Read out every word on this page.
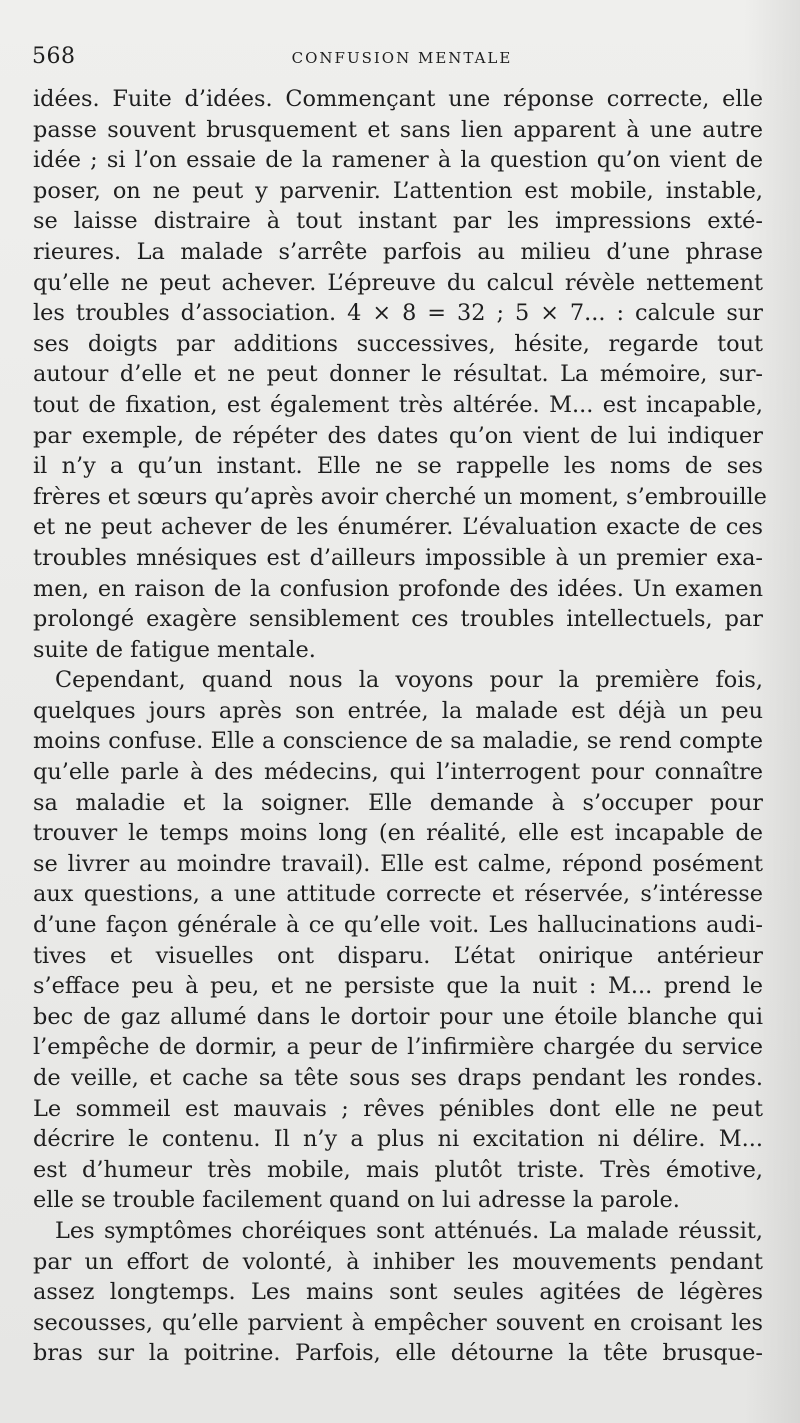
568	CONFUSION MENTALE
idées. Fuite d’idées. Commençant une réponse correcte, elle
passe souvent brusquement et sans lien apparent à une autre
idée ; si l’on essaie de la ramener à la question qu’on vient de
poser, on ne peut y parvenir. L’attention est mobile, instable,
se laisse distraire à tout instant par les impressions exté-
rieures. La malade s’arrête parfois au milieu d’une phrase
qu’elle ne peut achever. L’épreuve du calcul révèle nettement
les troubles d’association. 4 × 8 = 32 ; 5 × 7... : calcule sur
ses doigts par additions successives, hésite, regarde tout
autour d’elle et ne peut donner le résultat. La mémoire, sur-
tout de fixation, est également très altérée. M... est incapable,
par exemple, de répéter des dates qu’on vient de lui indiquer
il n’y a qu’un instant. Elle ne se rappelle les noms de ses
frères et sœurs qu’après avoir cherché un moment, s’embrouille
et ne peut achever de les énumérer. L’évaluation exacte de ces
troubles mnésiques est d’ailleurs impossible à un premier exa-
men, en raison de la confusion profonde des idées. Un examen
prolongé exagère sensiblement ces troubles intellectuels, par
suite de fatigue mentale.
Cependant, quand nous la voyons pour la première fois,
quelques jours après son entrée, la malade est déjà un peu
moins confuse. Elle a conscience de sa maladie, se rend compte
qu’elle parle à des médecins, qui l’interrogent pour connaître
sa maladie et la soigner. Elle demande à s’occuper pour
trouver le temps moins long (en réalité, elle est incapable de
se livrer au moindre travail). Elle est calme, répond posément
aux questions, a une attitude correcte et réservée, s’intéresse
d’une façon générale à ce qu’elle voit. Les hallucinations audi-
tives et visuelles ont disparu. L’état onirique antérieur
s’efface peu à peu, et ne persiste que la nuit : M... prend le
bec de gaz allumé dans le dortoir pour une étoile blanche qui
l’empêche de dormir, a peur de l’infirmière chargée du service
de veille, et cache sa tête sous ses draps pendant les rondes.
Le sommeil est mauvais ; rêves pénibles dont elle ne peut
décrire le contenu. Il n’y a plus ni excitation ni délire. M...
est d’humeur très mobile, mais plutôt triste. Très émotive,
elle se trouble facilement quand on lui adresse la parole.
Les symptômes choréiques sont atténués. La malade réussit,
par un effort de volonté, à inhiber les mouvements pendant
assez longtemps. Les mains sont seules agitées de légères
secousses, qu’elle parvient à empêcher souvent en croisant les
bras sur la poitrine. Parfois, elle détourne la tête brusque-
